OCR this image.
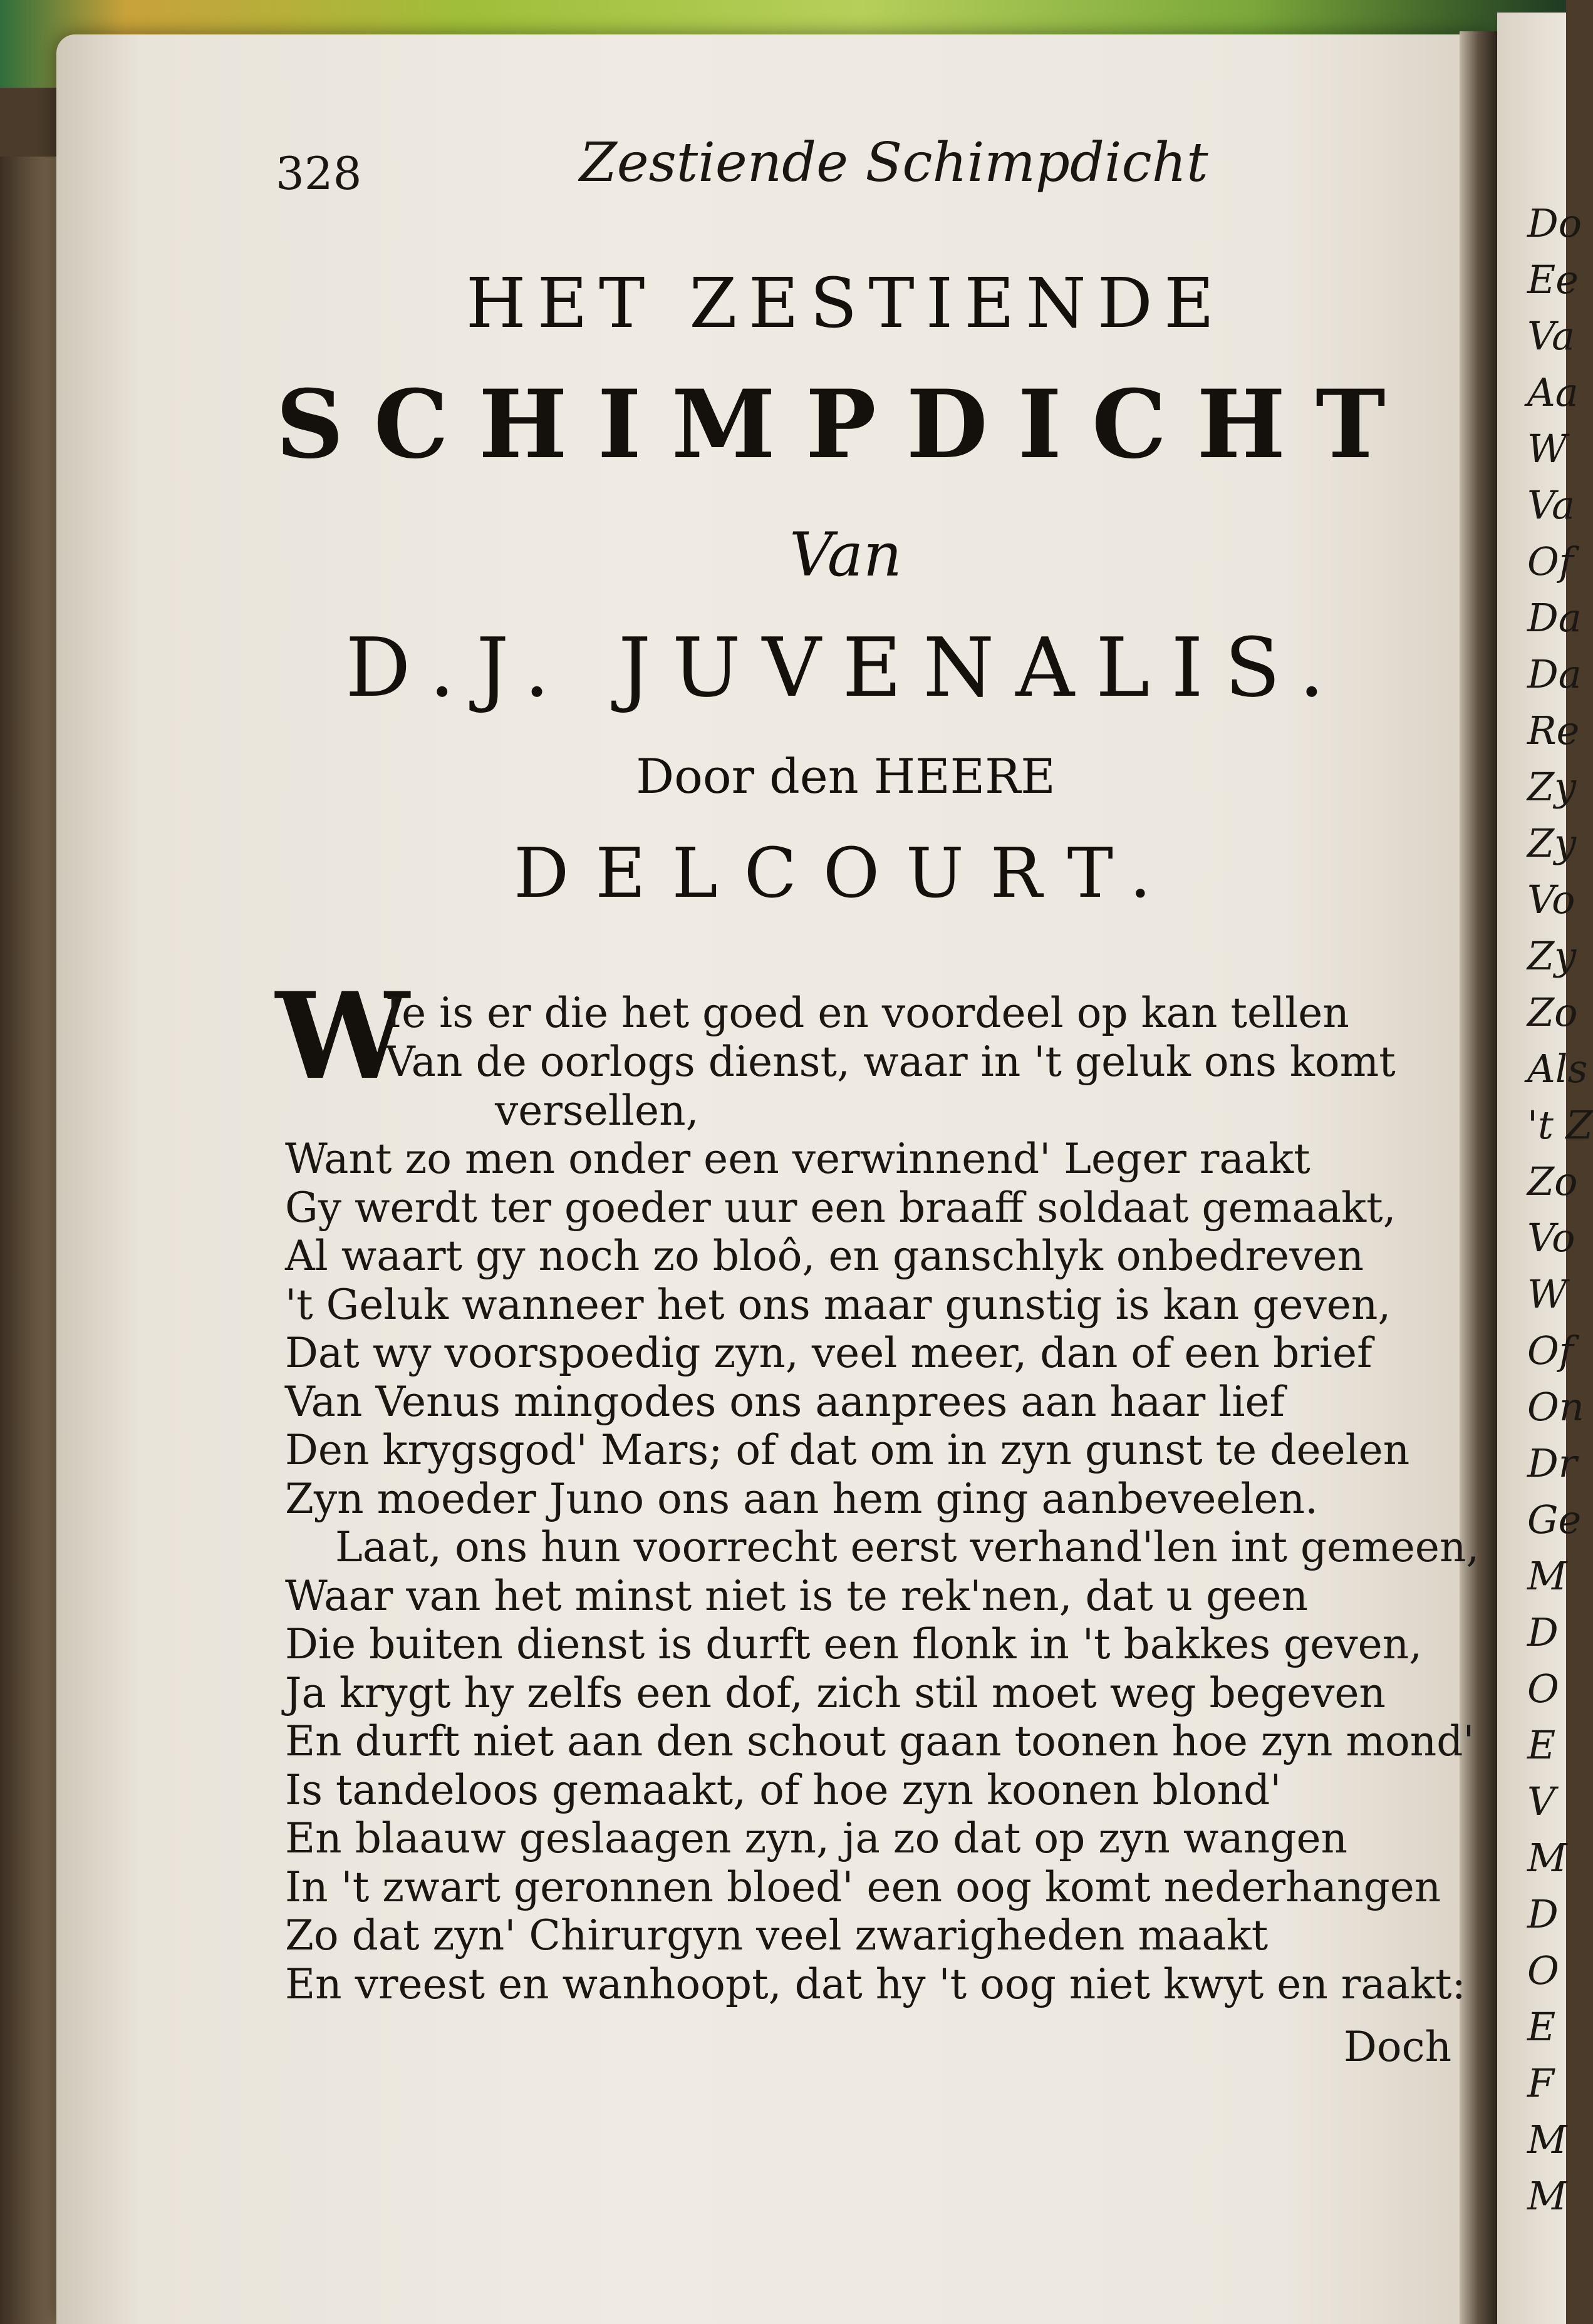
Do
Ee
Va
Aa
W
Va
Of
Da
Da
Re
Zy
Zy
Vo
Zy
Zo
Als
't Z
Zo
Vo
W
Of
On
Dr
Ge
M
D
O
E
V
M
D
O
E
F
M
M
328	Zestiende Schimpdicht
HET ZESTIENDE
SCHIMPDICHT
Van
D.J. JUVENALIS.
Door den HEERE
DELCOURT.
W
Ie is er die het goed en voordeel op kan tellen
Van de oorlogs dienst, waar in 't geluk ons komt
versellen,
Want zo men onder een verwinnend' Leger raakt
Gy werdt ter goeder uur een braaff soldaat gemaakt,
Al waart gy noch zo bloô, en ganschlyk onbedreven
't Geluk wanneer het ons maar gunstig is kan geven,
Dat wy voorspoedig zyn, veel meer, dan of een brief
Van Venus mingodes ons aanprees aan haar lief
Den krygsgod' Mars; of dat om in zyn gunst te deelen
Zyn moeder Juno ons aan hem ging aanbeveelen.
Laat, ons hun voorrecht eerst verhand'len int gemeen,
Waar van het minst niet is te rek'nen, dat u geen
Die buiten dienst is durft een flonk in 't bakkes geven,
Ja krygt hy zelfs een dof, zich stil moet weg begeven
En durft niet aan den schout gaan toonen hoe zyn mond'
Is tandeloos gemaakt, of hoe zyn koonen blond'
En blaauw geslaagen zyn, ja zo dat op zyn wangen
In 't zwart geronnen bloed' een oog komt nederhangen
Zo dat zyn' Chirurgyn veel zwarigheden maakt
En vreest en wanhoopt, dat hy 't oog niet kwyt en raakt:
Doch
